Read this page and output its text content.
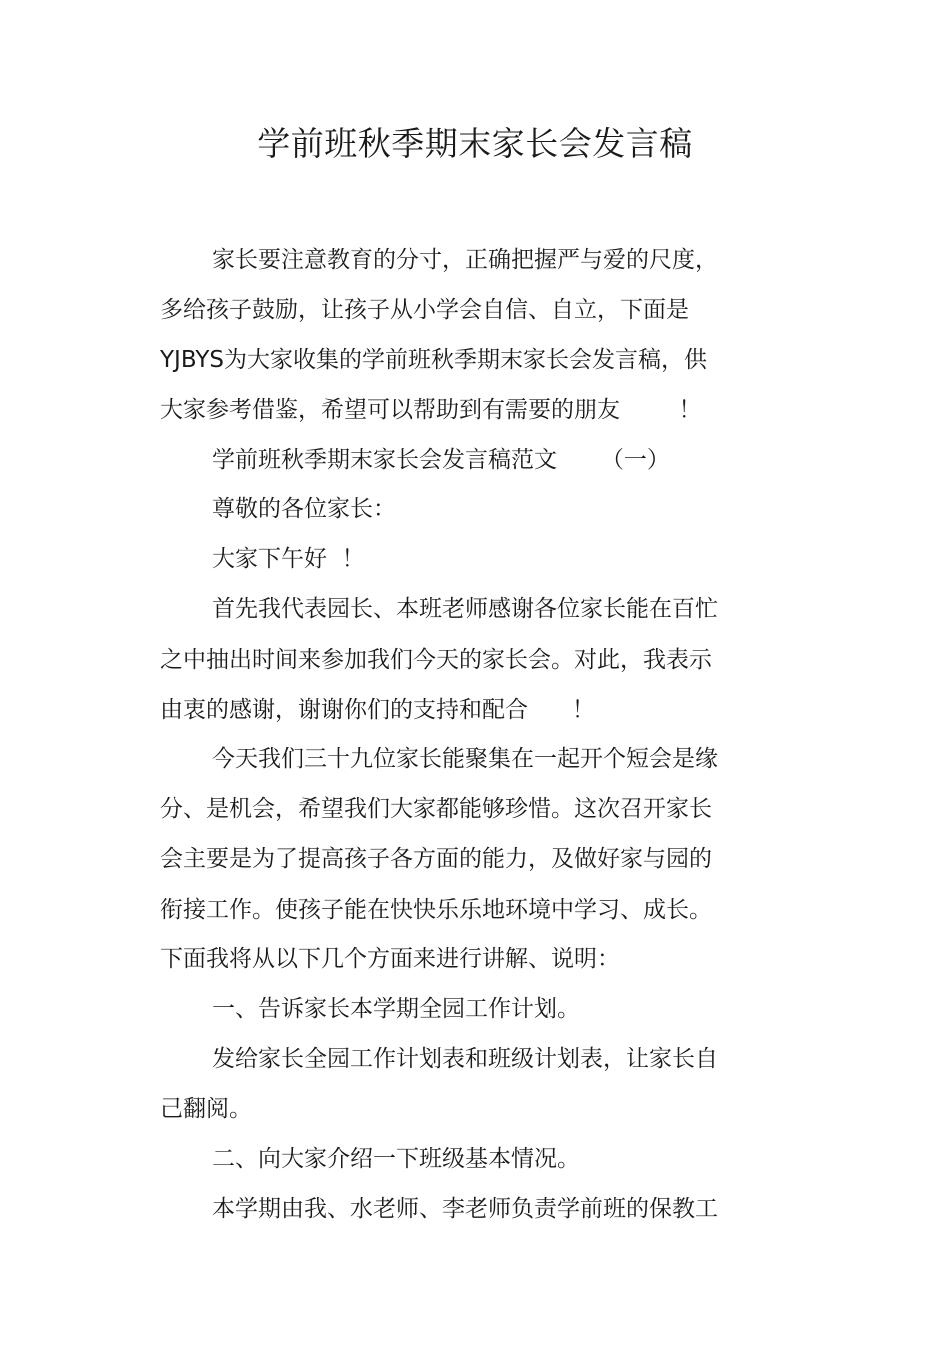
学前班秋季期末家长会发言稿
家长要注意教育的分寸，正确把握严与爱的尺度，
多给孩子鼓励，让孩子从小学会自信、自立，下面是
YJBYS为大家收集的学前班秋季期末家长会发言稿，供
大家参考借鉴，希望可以帮助到有需要的朋友        ！
学前班秋季期末家长会发言稿范文      （一）
尊敬的各位家长：
大家下午好  ！
首先我代表园长、本班老师感谢各位家长能在百忙
之中抽出时间来参加我们今天的家长会。对此，我表示
由衷的感谢，谢谢你们的支持和配合      ！
今天我们三十九位家长能聚集在一起开个短会是缘
分、是机会，希望我们大家都能够珍惜。这次召开家长
会主要是为了提高孩子各方面的能力，及做好家与园的
衔接工作。使孩子能在快快乐乐地环境中学习、成长。
下面我将从以下几个方面来进行讲解、说明：
一、告诉家长本学期全园工作计划。
发给家长全园工作计划表和班级计划表，让家长自
己翻阅。
二、向大家介绍一下班级基本情况。
本学期由我、水老师、李老师负责学前班的保教工
